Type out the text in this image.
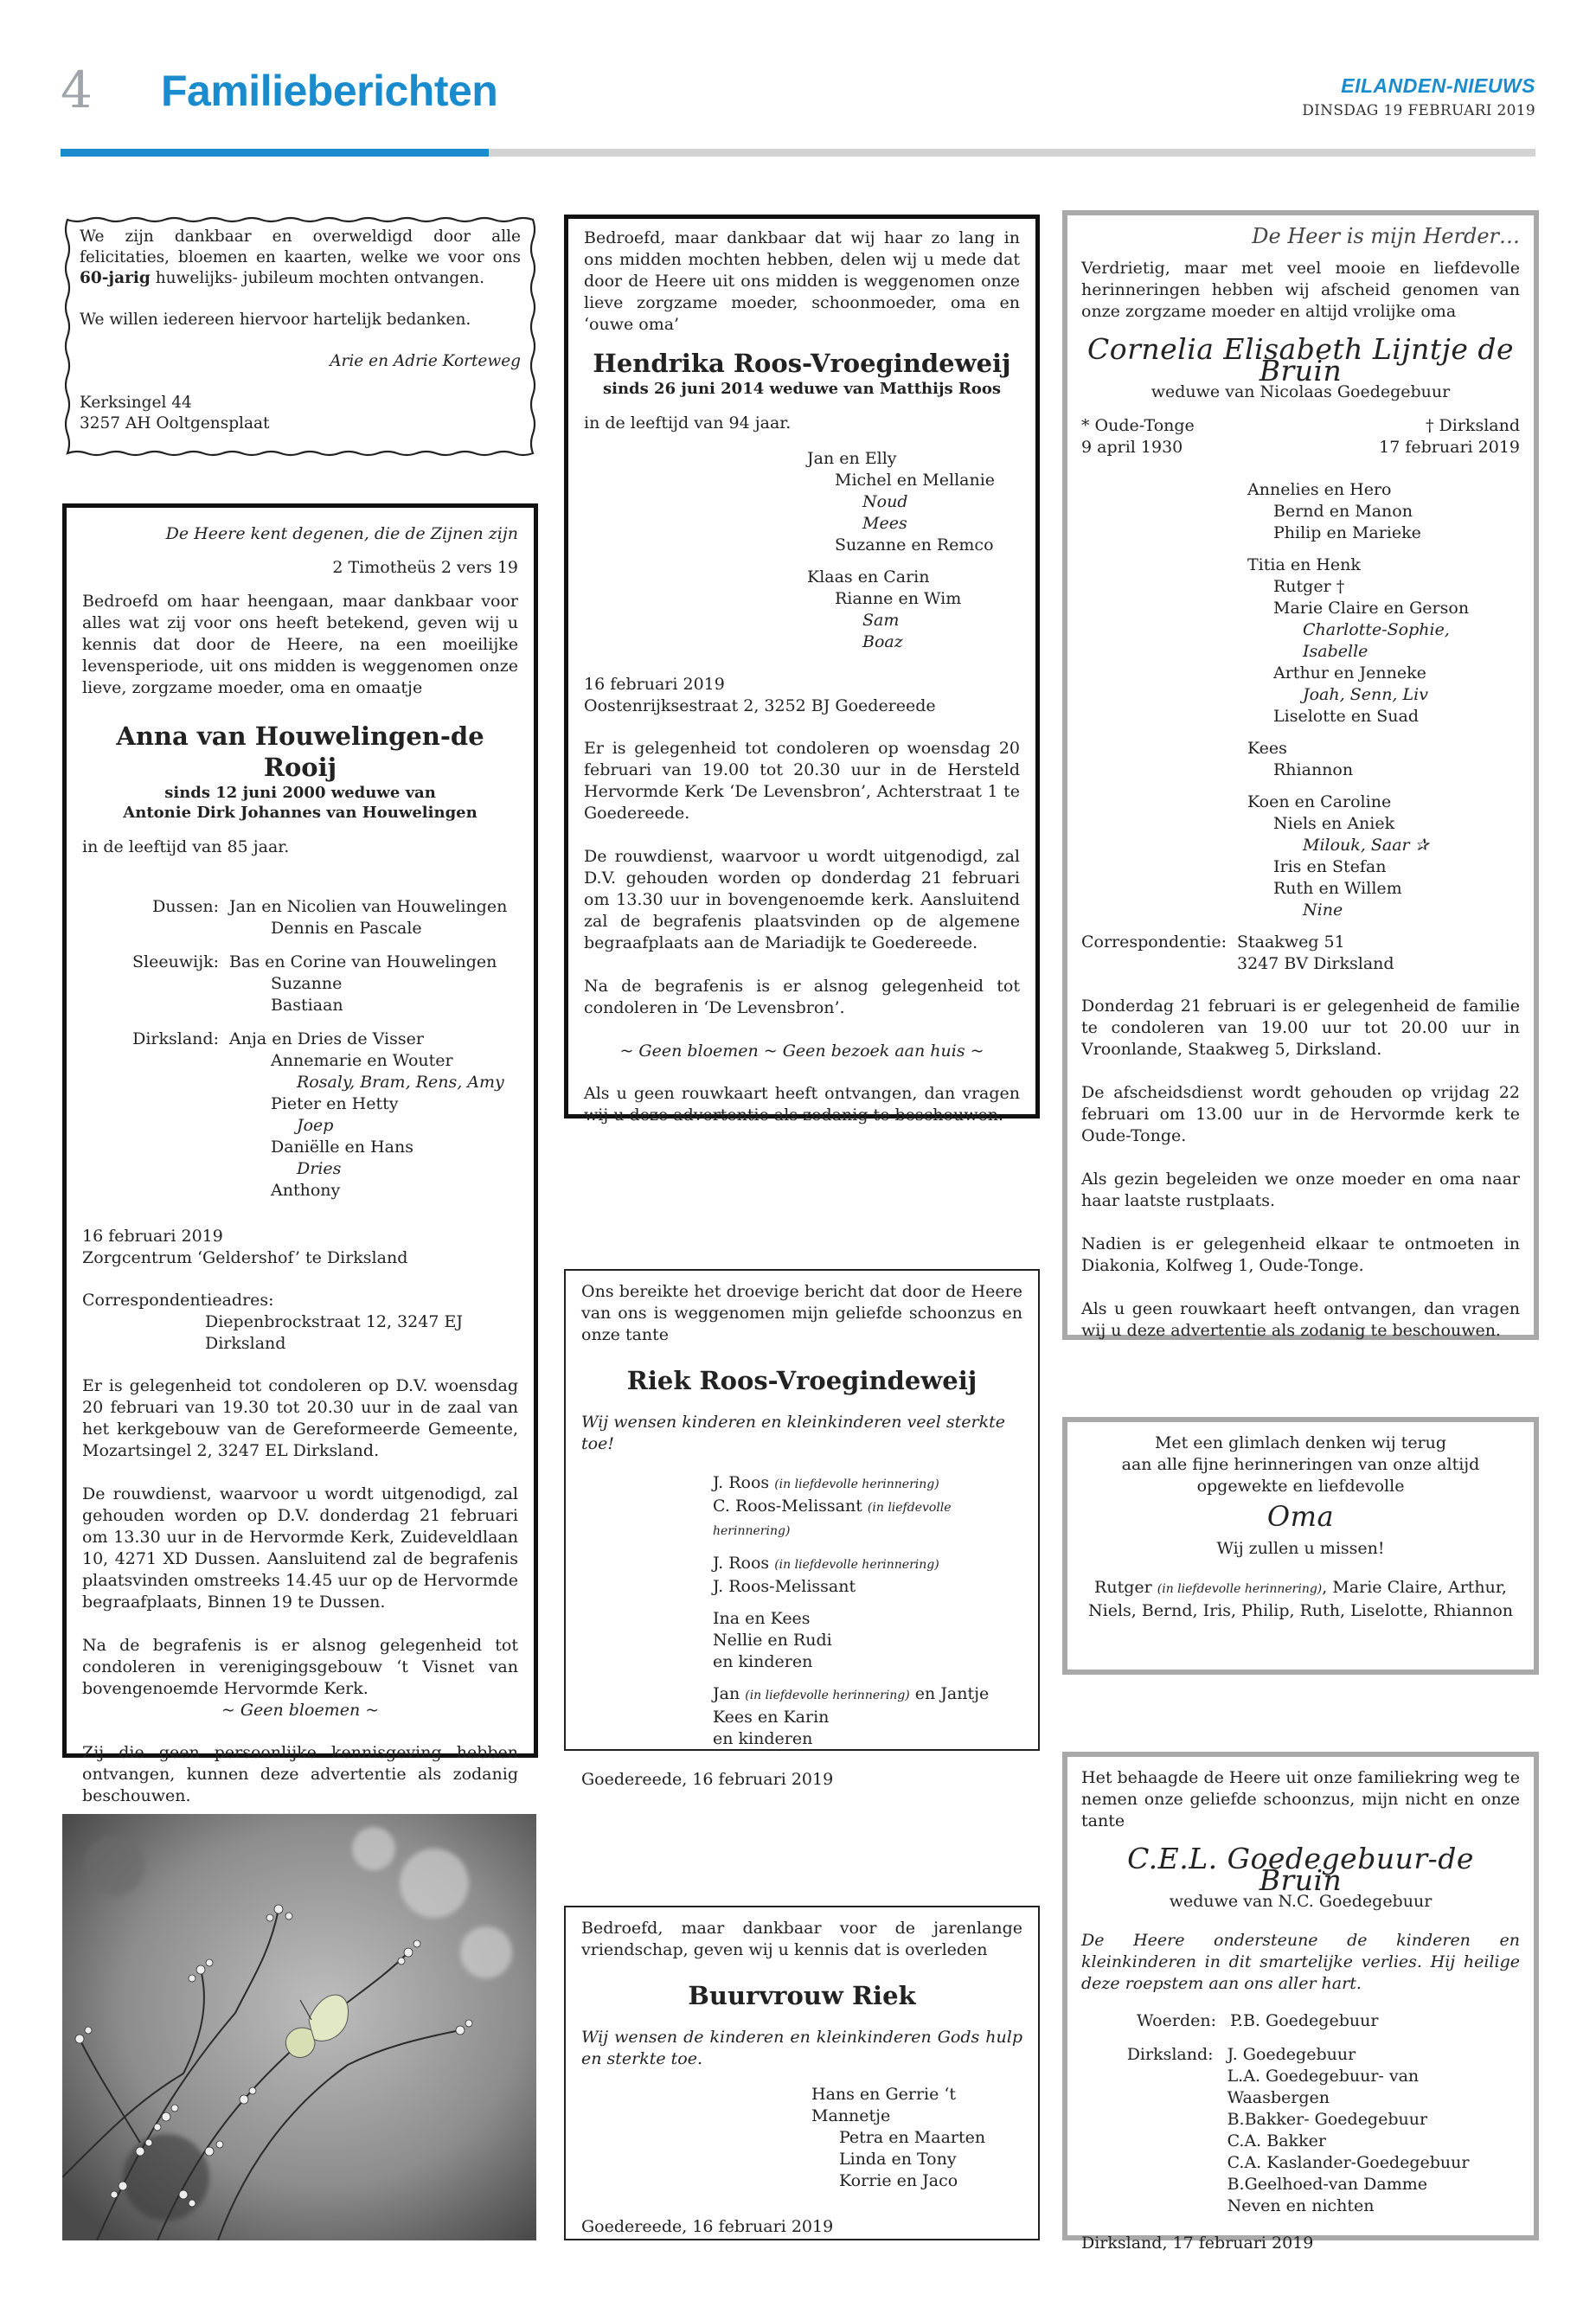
4 Familieberichten	EILANDEN-NIEUWS
DINSDAG 19 FEBRUARI 2019
We zijn dankbaar en overweldigd door alle felicitaties, bloemen en kaarten, welke we voor ons 60-jarig huwelijks- jubileum mochten ontvangen.
We willen iedereen hiervoor hartelijk bedanken.
Arie en Adrie Korteweg
Kerksingel 44
3257 AH Ooltgensplaat
De Heere kent degenen, die de Zijnen zijn
2 Timotheüs 2 vers 19
Bedroefd om haar heengaan, maar dankbaar voor alles wat zij voor ons heeft betekend, geven wij u kennis dat door de Heere, na een moeilijke levensperiode, uit ons midden is weggenomen onze lieve, zorgzame moeder, oma en omaatje
Anna van Houwelingen-de Rooij
sinds 12 juni 2000 weduwe van
Antonie Dirk Johannes van Houwelingen
in de leeftijd van 85 jaar.
Dussen: Jan en Nicolien van Houwelingen
Dennis en Pascale
Sleeuwijk: Bas en Corine van Houwelingen
Suzanne
Bastiaan
Dirksland: Anja en Dries de Visser
Annemarie en Wouter
Rosaly, Bram, Rens, Amy
Pieter en Hetty
Joep
Daniëlle en Hans
Dries
Anthony
16 februari 2019
Zorgcentrum ‘Geldershof’ te Dirksland
Correspondentieadres:
Diepenbrockstraat 12, 3247 EJ Dirksland
Er is gelegenheid tot condoleren op D.V. woensdag 20 februari van 19.30 tot 20.30 uur in de zaal van het kerkgebouw van de Gereformeerde Gemeente, Mozartsingel 2, 3247 EL Dirksland.
De rouwdienst, waarvoor u wordt uitgenodigd, zal gehouden worden op D.V. donderdag 21 februari om 13.30 uur in de Hervormde Kerk, Zuideveldlaan 10, 4271 XD Dussen. Aansluitend zal de begrafenis plaatsvinden omstreeks 14.45 uur op de Hervormde begraafplaats, Binnen 19 te Dussen.
Na de begrafenis is er alsnog gelegenheid tot condoleren in verenigingsgebouw ‘t Visnet van bovengenoemde Hervormde Kerk.
~ Geen bloemen ~
Zij die geen persoonlijke kennisgeving hebben ontvangen, kunnen deze advertentie als zodanig beschouwen.
Bedroefd, maar dankbaar dat wij haar zo lang in ons midden mochten hebben, delen wij u mede dat door de Heere uit ons midden is weggenomen onze lieve zorgzame moeder, schoonmoeder, oma en ‘ouwe oma’
Hendrika Roos-Vroegindeweij
sinds 26 juni 2014 weduwe van Matthijs Roos
in de leeftijd van 94 jaar.
Jan en Elly
Michel en Mellanie
Noud
Mees
Suzanne en Remco
Klaas en Carin
Rianne en Wim
Sam
Boaz
16 februari 2019
Oostenrijksestraat 2, 3252 BJ Goedereede
Er is gelegenheid tot condoleren op woensdag 20 februari van 19.00 tot 20.30 uur in de Hersteld Hervormde Kerk ‘De Levensbron’, Achterstraat 1 te Goedereede.
De rouwdienst, waarvoor u wordt uitgenodigd, zal D.V. gehouden worden op donderdag 21 februari om 13.30 uur in bovengenoemde kerk. Aansluitend zal de begrafenis plaatsvinden op de algemene begraafplaats aan de Mariadijk te Goedereede.
Na de begrafenis is er alsnog gelegenheid tot condoleren in ‘De Levensbron’.
~ Geen bloemen ~ Geen bezoek aan huis ~
Als u geen rouwkaart heeft ontvangen, dan vragen wij u deze advertentie als zodanig te beschouwen.
Ons bereikte het droevige bericht dat door de Heere van ons is weggenomen mijn geliefde schoonzus en onze tante
Riek Roos-Vroegindeweij
Wij wensen kinderen en kleinkinderen veel sterkte toe!
J. Roos (in liefdevolle herinnering)
C. Roos-Melissant (in liefdevolle herinnering)
J. Roos (in liefdevolle herinnering)
J. Roos-Melissant
Ina en Kees
Nellie en Rudi
en kinderen
Jan (in liefdevolle herinnering) en Jantje
Kees en Karin
en kinderen
Goedereede, 16 februari 2019
Bedroefd, maar dankbaar voor de jarenlange vriendschap, geven wij u kennis dat is overleden
Buurvrouw Riek
Wij wensen de kinderen en kleinkinderen Gods hulp en sterkte toe.
Hans en Gerrie ‘t Mannetje
Petra en Maarten
Linda en Tony
Korrie en Jaco
Goedereede, 16 februari 2019
De Heer is mijn Herder…
Verdrietig, maar met veel mooie en liefdevolle herinneringen hebben wij afscheid genomen van onze zorgzame moeder en altijd vrolijke oma
Cornelia Elisabeth Lijntje de Bruin
weduwe van Nicolaas Goedegebuur
* Oude-Tonge
9 april 1930
† Dirksland
17 februari 2019
Annelies en Hero
Bernd en Manon
Philip en Marieke
Titia en Henk
Rutger †
Marie Claire en Gerson
Charlotte-Sophie, Isabelle
Arthur en Jenneke
Joah, Senn, Liv
Liselotte en Suad
Kees
Rhiannon
Koen en Caroline
Niels en Aniek
Milouk, Saar ✰
Iris en Stefan
Ruth en Willem
Nine
Correspondentie: Staakweg 51
3247 BV Dirksland
Donderdag 21 februari is er gelegenheid de familie te condoleren van 19.00 uur tot 20.00 uur in Vroonlande, Staakweg 5, Dirksland.
De afscheidsdienst wordt gehouden op vrijdag 22 februari om 13.00 uur in de Hervormde kerk te Oude-Tonge.
Als gezin begeleiden we onze moeder en oma naar haar laatste rustplaats.
Nadien is er gelegenheid elkaar te ontmoeten in Diakonia, Kolfweg 1, Oude-Tonge.
Als u geen rouwkaart heeft ontvangen, dan vragen wij u deze advertentie als zodanig te beschouwen.
Met een glimlach denken wij terug
aan alle fijne herinneringen van onze altijd
opgewekte en liefdevolle
Oma
Wij zullen u missen!
Rutger (in liefdevolle herinnering), Marie Claire, Arthur,
Niels, Bernd, Iris, Philip, Ruth, Liselotte, Rhiannon
Het behaagde de Heere uit onze familiekring weg te nemen onze geliefde schoonzus, mijn nicht en onze tante
C.E.L. Goedegebuur-de Bruin
weduwe van N.C. Goedegebuur
De Heere ondersteune de kinderen en kleinkinderen in dit smartelijke verlies. Hij heilige deze roepstem aan ons aller hart.
Woerden: P.B. Goedegebuur
Dirksland: J. Goedegebuur
L.A. Goedegebuur- van Waasbergen
B.Bakker- Goedegebuur
C.A. Bakker
C.A. Kaslander-Goedegebuur
B.Geelhoed-van Damme
Neven en nichten
Dirksland, 17 februari 2019
